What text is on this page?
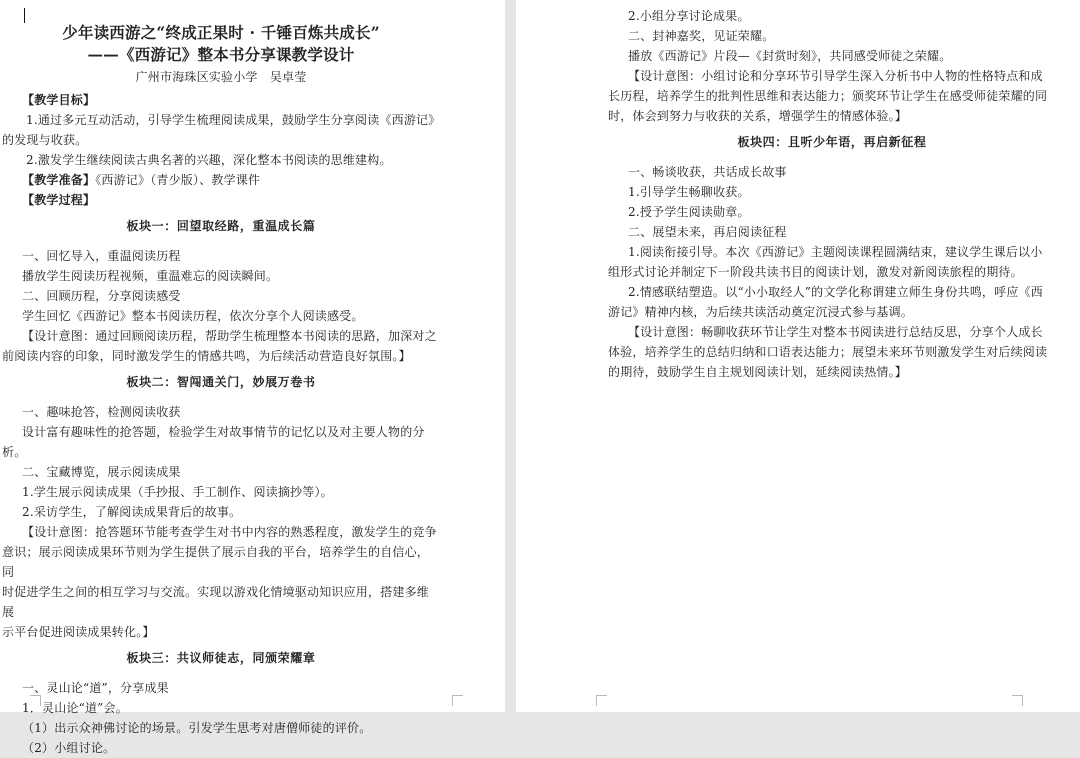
少年读西游之“终成正果时 · 千锤百炼共成长”

——《西游记》整本书分享课教学设计

广州市海珠区实验小学　吴卓莹

【教学目标】

1.通过多元互动活动，引导学生梳理阅读成果，鼓励学生分享阅读《西游记》

的发现与收获。

2.激发学生继续阅读古典名著的兴趣，深化整本书阅读的思维建构。

【教学准备】《西游记》（青少版）、教学课件

【教学过程】

板块一：回望取经路，重温成长篇

一、回忆导入，重温阅读历程

播放学生阅读历程视频，重温难忘的阅读瞬间。

二、回顾历程，分享阅读感受

学生回忆《西游记》整本书阅读历程，依次分享个人阅读感受。

【设计意图：通过回顾阅读历程，帮助学生梳理整本书阅读的思路，加深对之

前阅读内容的印象，同时激发学生的情感共鸣，为后续活动营造良好氛围。】

板块二：智闯通关门，妙展万卷书

一、趣味抢答，检测阅读收获

设计富有趣味性的抢答题，检验学生对故事情节的记忆以及对主要人物的分析。

二、宝藏博览，展示阅读成果

1.学生展示阅读成果（手抄报、手工制作、阅读摘抄等）。

2.采访学生，了解阅读成果背后的故事。

【设计意图：抢答题环节能考查学生对书中内容的熟悉程度，激发学生的竞争

意识；展示阅读成果环节则为学生提供了展示自我的平台，培养学生的自信心，同

时促进学生之间的相互学习与交流。实现以游戏化情境驱动知识应用，搭建多维展

示平台促进阅读成果转化。】

板块三：共议师徒志，同颁荣耀章

一、灵山论“道”，分享成果

1．灵山论“道”会。

（1）出示众神佛讨论的场景。引发学生思考对唐僧师徒的评价。

（2）小组讨论。

2.小组分享讨论成果。

二、封神嘉奖，见证荣耀。

播放《西游记》片段—《封赏时刻》，共同感受师徒之荣耀。

【设计意图：小组讨论和分享环节引导学生深入分析书中人物的性格特点和成

长历程，培养学生的批判性思维和表达能力；颁奖环节让学生在感受师徒荣耀的同

时，体会到努力与收获的关系，增强学生的情感体验。】

板块四：且听少年语，再启新征程

一、畅谈收获，共话成长故事

1.引导学生畅聊收获。

2.授予学生阅读勋章。

二、展望未来，再启阅读征程

1.阅读衔接引导。本次《西游记》主题阅读课程圆满结束，建议学生课后以小

组形式讨论并制定下一阶段共读书目的阅读计划，激发对新阅读旅程的期待。

2.情感联结塑造。以“小小取经人”的文学化称谓建立师生身份共鸣，呼应《西

游记》精神内核，为后续共读活动奠定沉浸式参与基调。

【设计意图：畅聊收获环节让学生对整本书阅读进行总结反思，分享个人成长

体验，培养学生的总结归纳和口语表达能力；展望未来环节则激发学生对后续阅读

的期待，鼓励学生自主规划阅读计划，延续阅读热情。】
